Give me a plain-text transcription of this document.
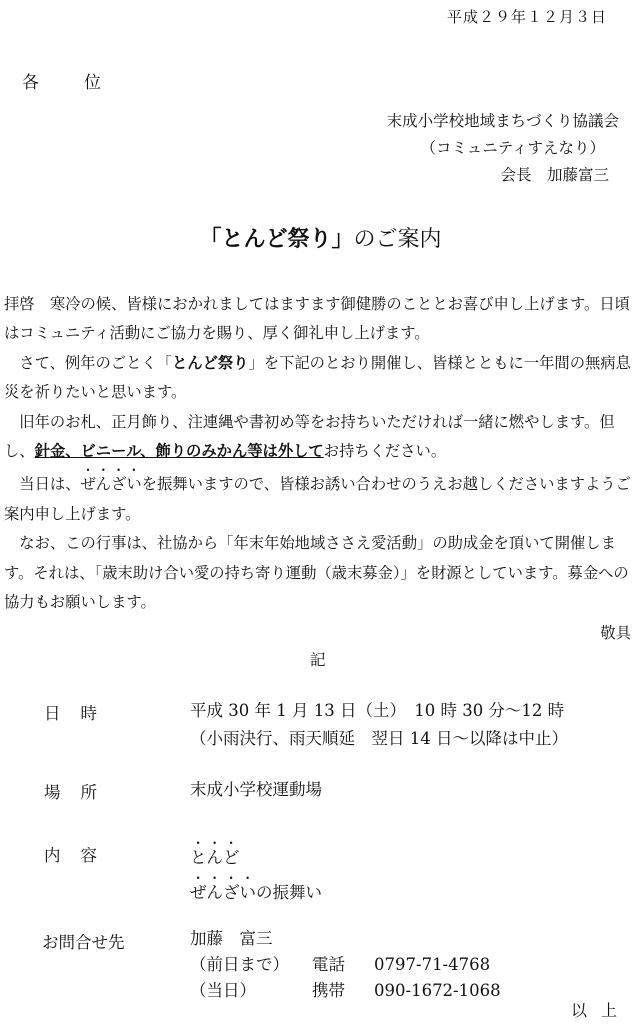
平成２９年１２月３日
各　位
末成小学校地域まちづくり協議会
（コミュニティすえなり）
会長　加藤富三
「とんど祭り」のご案内

拝啓　寒冷の候、皆様におかれましてはますます御健勝のこととお喜び申し上げます。日頃はコミュニティ活動にご協力を賜り、厚く御礼申し上げます。

さて、例年のごとく「とんど祭り」を下記のとおり開催し、皆様とともに一年間の無病息災を祈りたいと思います。

旧年のお札、正月飾り、注連縄や書初め等をお持ちいただければ一緒に燃やします。但し、針金、ビニール、飾りのみかん等は外してお持ちください。

当日は、ぜんざいを振舞いますので、皆様お誘い合わせのうえお越しくださいますようご案内申し上げます。

なお、この行事は、社協から「年末年始地域ささえ愛活動」の助成金を頂いて開催します。それは、「歳末助け合い愛の持ち寄り運動（歳末募金）」を財源としています。募金への協力もお願いします。

敬具
記
日時	平成 30 年 1 月 13 日（土）　10 時 30 分～12 時
（小雨決行、雨天順延　翌日 14 日～以降は中止）
場所	末成小学校運動場
内容	とんど
ぜんざいの振舞い
お問合せ先	加藤　富三
（前日まで） 電話 0797-71-4768
（当日）	携帯 090-1672-1068
以上
